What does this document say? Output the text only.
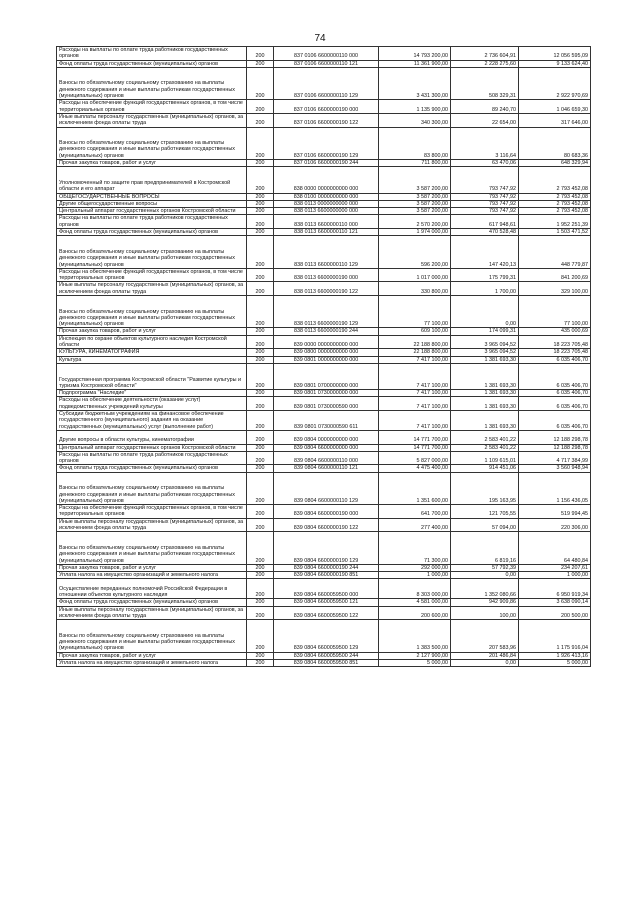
74
Расходы на выплаты по оплате труда работников государственных органов	200	837 0106 6600000110 000	14 793 200,00	2 736 604,91	12 056 595,09
Фонд оплаты труда государственных (муниципальных) органов	200	837 0106 6600000110 121	11 361 900,00	2 228 275,60	9 133 624,40

Взносы по обязательному социальному страхованию на выплаты денежного содержания и иные выплаты работникам государственных (муниципальных) органов	200	837 0106 6600000110 129	3 431 300,00	508 329,31	2 922 970,69
Расходы на обеспечение функций государственных органов, в том числе территориальных органов	200	837 0106 6600000190 000	1 135 900,00	89 240,70	1 046 659,30
Иные выплаты персоналу государственных (муниципальных) органов, за исключением фонда оплаты труда	200	837 0106 6600000190 122	340 300,00	22 654,00	317 646,00

Взносы по обязательному социальному страхованию на выплаты денежного содержания и иные выплаты работникам государственных (муниципальных) органов	200	837 0106 6600000190 129	83 800,00	3 116,64	80 683,36
Прочая закупка товаров, работ и услуг	200	837 0106 6600000190 244	711 800,00	63 470,06	648 329,94

Уполномоченный по защите прав предпринимателей в Костромской области и его аппарат	200	838 0000 0000000000 000	3 587 200,00	793 747,92	2 793 452,08
ОБЩЕГОСУДАРСТВЕННЫЕ ВОПРОСЫ	200	838 0100 0000000000 000	3 587 200,00	793 747,92	2 793 452,08
Другие общегосударственные вопросы	200	838 0113 0000000000 000	3 587 200,00	793 747,92	2 793 452,08
Центральный аппарат государственных органов Костромской области	200	838 0113 6600000000 000	3 587 200,00	793 747,92	2 793 452,08
Расходы на выплаты по оплате труда работников государственных органов	200	838 0113 6600000110 000	2 570 200,00	617 948,61	1 952 251,39
Фонд оплаты труда государственных (муниципальных) органов	200	838 0113 6600000110 121	1 974 000,00	470 528,48	1 503 471,52

Взносы по обязательному социальному страхованию на выплаты денежного содержания и иные выплаты работникам государственных (муниципальных) органов	200	838 0113 6600000110 129	596 200,00	147 420,13	448 779,87
Расходы на обеспечение функций государственных органов, в том числе территориальных органов	200	838 0113 6600000190 000	1 017 000,00	175 799,31	841 200,69
Иные выплаты персоналу государственных (муниципальных) органов, за исключением фонда оплаты труда	200	838 0113 6600000190 122	330 800,00	1 700,00	329 100,00

Взносы по обязательному социальному страхованию на выплаты денежного содержания и иные выплаты работникам государственных (муниципальных) органов	200	838 0113 6600000190 129	77 100,00	0,00	77 100,00
Прочая закупка товаров, работ и услуг	200	838 0113 6600000190 244	609 100,00	174 099,31	435 000,69
Инспекция по охране объектов культурного наследия Костромской области	200	839 0000 0000000000 000	22 188 800,00	3 965 094,52	18 223 705,48
КУЛЬТУРА, КИНЕМАТОГРАФИЯ	200	839 0800 0000000000 000	22 188 800,00	3 965 094,52	18 223 705,48
Культура	200	839 0801 0000000000 000	7 417 100,00	1 381 693,30	6 035 406,70

Государственная программа Костромской области "Развитие культуры и туризма Костромской области"	200	839 0801 0700000000 000	7 417 100,00	1 381 693,30	6 035 406,70
Подпрограмма "Наследие"	200	839 0801 0730000000 000	7 417 100,00	1 381 693,30	6 035 406,70
Расходы на обеспечение деятельности (оказание услуг) подведомственных учреждений культуры	200	839 0801 0730000590 000	7 417 100,00	1 381 693,30	6 035 406,70
Субсидии бюджетным учреждениям на финансовое обеспечение государственного (муниципального) задания на оказание государственных (муниципальных) услуг (выполнение работ)	200	839 0801 0730000590 611	7 417 100,00	1 381 693,30	6 035 406,70

Другие вопросы в области культуры, кинематографии	200	839 0804 0000000000 000	14 771 700,00	2 583 401,22	12 188 298,78
Центральный аппарат государственных органов Костромской области	200	839 0804 6600000000 000	14 771 700,00	2 583 401,22	12 188 298,78
Расходы на выплаты по оплате труда работников государственных органов	200	839 0804 6600000110 000	5 827 000,00	1 109 615,01	4 717 384,99
Фонд оплаты труда государственных (муниципальных) органов	200	839 0804 6600000110 121	4 475 400,00	914 451,06	3 560 948,94

Взносы по обязательному социальному страхованию на выплаты денежного содержания и иные выплаты работникам государственных (муниципальных) органов	200	839 0804 6600000110 129	1 351 600,00	195 163,95	1 156 436,05
Расходы на обеспечение функций государственных органов, в том числе территориальных органов	200	839 0804 6600000190 000	641 700,00	121 705,55	519 994,45
Иные выплаты персоналу государственных (муниципальных) органов, за исключением фонда оплаты труда	200	839 0804 6600000190 122	277 400,00	57 094,00	220 306,00

Взносы по обязательному социальному страхованию на выплаты денежного содержания и иные выплаты работникам государственных (муниципальных) органов	200	839 0804 6600000190 129	71 300,00	6 819,16	64 480,84
Прочая закупка товаров, работ и услуг	200	839 0804 6600000190 244	292 000,00	57 792,39	234 207,61
Уплата налога на имущество организаций и земельного налога	200	839 0804 6600000190 851	1 000,00	0,00	1 000,00

Осуществление переданных полномочий Российской Федерации в отношении объектов культурного наследия	200	839 0804 6600059500 000	8 303 000,00	1 352 080,66	6 950 919,34
Фонд оплаты труда государственных (муниципальных) органов	200	839 0804 6600059500 121	4 581 000,00	942 909,86	3 638 090,14
Иные выплаты персоналу государственных (муниципальных) органов, за исключением фонда оплаты труда	200	839 0804 6600059500 122	200 600,00	100,00	200 500,00

Взносы по обязательному социальному страхованию на выплаты денежного содержания и иные выплаты работникам государственных (муниципальных) органов	200	839 0804 6600059500 129	1 383 500,00	207 583,96	1 175 916,04
Прочая закупка товаров, работ и услуг	200	839 0804 6600059500 244	2 127 900,00	201 486,84	1 926 413,16
Уплата налога на имущество организаций и земельного налога	200	839 0804 6600059500 851	5 000,00	0,00	5 000,00
